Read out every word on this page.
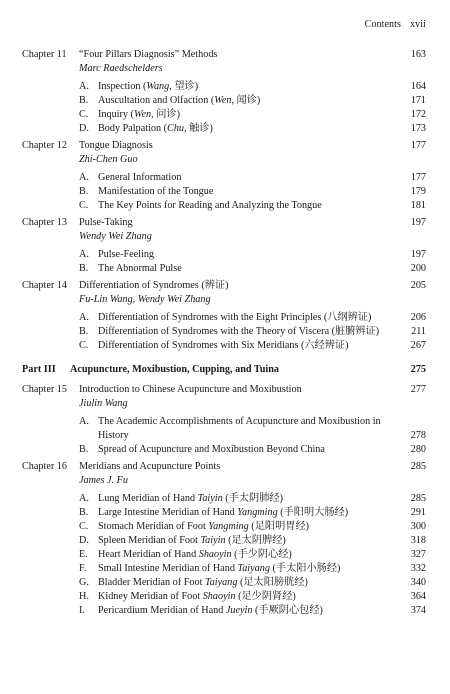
Contents xvii
Chapter 11 “Four Pillars Diagnosis” Methods	163
Marc Raedschelders
A. Inspection (Wang, 望诊)	164
B. Auscultation and Olfaction (Wen, 闻诊)	171
C. Inquiry (Wen, 问诊)	172
D. Body Palpation (Chu, 触诊)	173
Chapter 12 Tongue Diagnosis	177
Zhi-Chen Guo
A. General Information	177
B. Manifestation of the Tongue	179
C. The Key Points for Reading and Analyzing the Tongue	181
Chapter 13 Pulse-Taking	197
Wendy Wei Zhang
A. Pulse-Feeling	197
B. The Abnormal Pulse	200
Chapter 14 Differentiation of Syndromes (辨证)	205
Fu-Lin Wang, Wendy Wei Zhang
A. Differentiation of Syndromes with the Eight Principles (八纲辨证)	206
B. Differentiation of Syndromes with the Theory of Viscera (脏腑辨证)	211
C. Differentiation of Syndromes with Six Meridians (六经辨证)	267
Part III Acupuncture, Moxibustion, Cupping, and Tuina	275
Chapter 15 Introduction to Chinese Acupuncture and Moxibustion	277
Jiulin Wang
A. The Academic Accomplishments of Acupuncture and Moxibustion in History	278
B. Spread of Acupuncture and Moxibustion Beyond China	280
Chapter 16 Meridians and Acupuncture Points	285
James J. Fu
A. Lung Meridian of Hand Taiyin (手太阴肺经)	285
B. Large Intestine Meridian of Hand Yangming (手阳明大肠经)	291
C. Stomach Meridian of Foot Yangming (足阳明胃经)	300
D. Spleen Meridian of Foot Taiyin (足太阴脾经)	318
E. Heart Meridian of Hand Shaoyin (手少阴心经)	327
F. Small Intestine Meridian of Hand Taiyang (手太阳小肠经)	332
G. Bladder Meridian of Foot Taiyang (足太阳膀胱经)	340
H. Kidney Meridian of Foot Shaoyin (足少阴肾经)	364
I. Pericardium Meridian of Hand Jueyin (手厥阴心包经)	374
